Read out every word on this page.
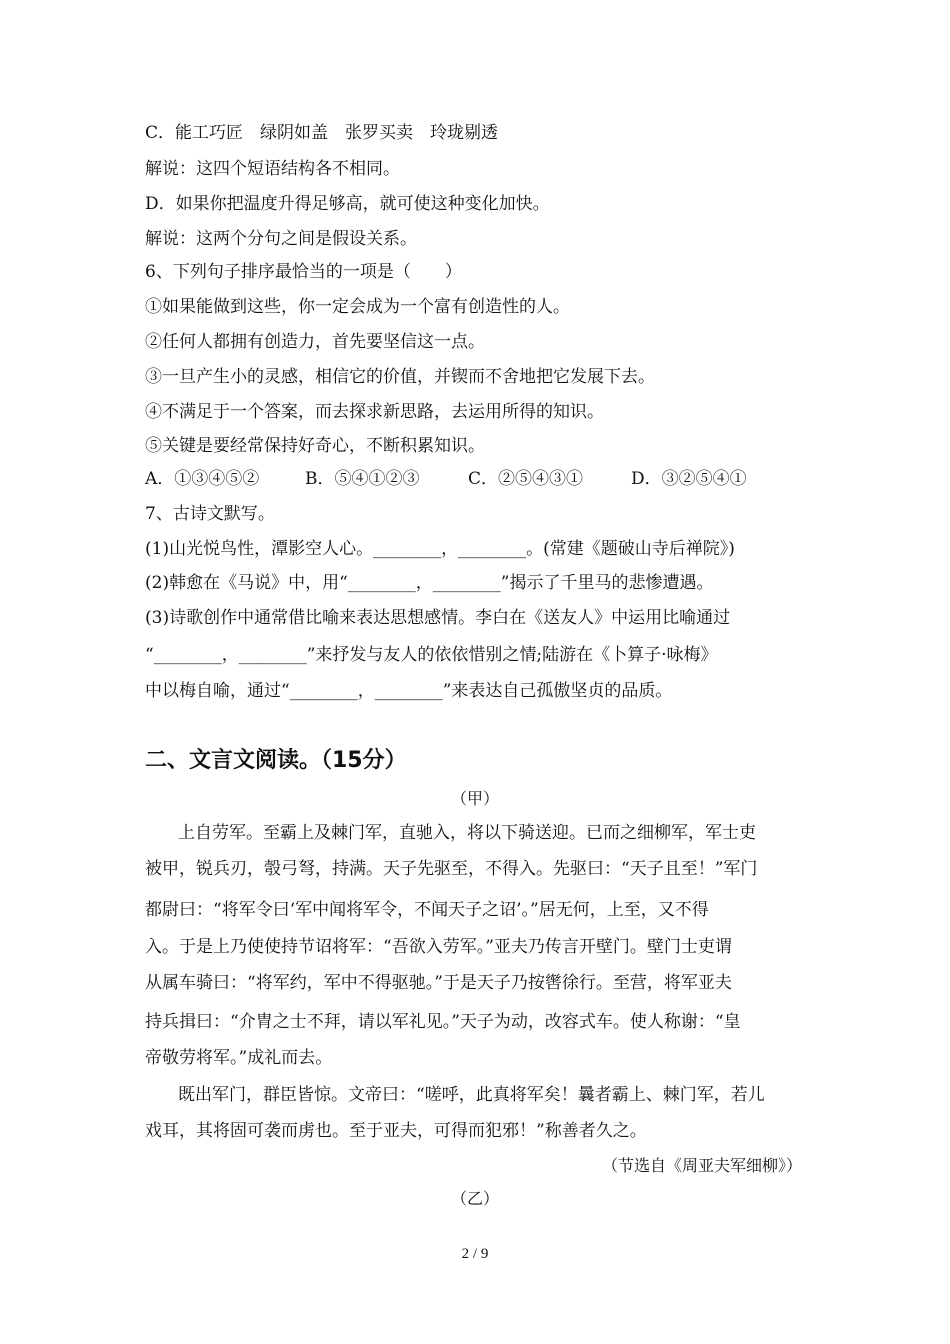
C．能工巧匠　绿阴如盖　张罗买卖　玲珑剔透
解说：这四个短语结构各不相同。
D．如果你把温度升得足够高，就可使这种变化加快。
解说：这两个分句之间是假设关系。
6、下列句子排序最恰当的一项是（　　）
①如果能做到这些，你一定会成为一个富有创造性的人。
②任何人都拥有创造力，首先要坚信这一点。
③一旦产生小的灵感，相信它的价值，并锲而不舍地把它发展下去。
④不满足于一个答案，而去探求新思路，去运用所得的知识。
⑤关键是要经常保持好奇心，不断积累知识。
A．①③④⑤②	B．⑤④①②③	C．②⑤④③①	D．③②⑤④①
7、古诗文默写。
(1)山光悦鸟性，潭影空人心。________，________。(常建《题破山寺后禅院》)
(2)韩愈在《马说》中，用“________，________”揭示了千里马的悲惨遭遇。
(3)诗歌创作中通常借比喻来表达思想感情。李白在《送友人》中运用比喻通过
“________，________”来抒发与友人的依依惜别之情;陆游在《卜算子·咏梅》
中以梅自喻，通过“________，________”来表达自己孤傲坚贞的品质。
二、文言文阅读。（15分）
（甲）
上自劳军。至霸上及棘门军，直驰入，将以下骑送迎。已而之细柳军，军士吏
被甲，锐兵刃，彀弓弩，持满。天子先驱至，不得入。先驱曰：“天子且至！”军门
都尉曰：“将军令曰‘军中闻将军令，不闻天子之诏’。”居无何，上至，又不得
入。于是上乃使使持节诏将军：“吾欲入劳军。”亚夫乃传言开壁门。壁门士吏谓
从属车骑曰：“将军约，军中不得驱驰。”于是天子乃按辔徐行。至营，将军亚夫
持兵揖曰：“介胄之士不拜，请以军礼见。”天子为动，改容式车。使人称谢：“皇
帝敬劳将军。”成礼而去。
既出军门，群臣皆惊。文帝曰：“嗟呼，此真将军矣！曩者霸上、棘门军，若儿
戏耳，其将固可袭而虏也。至于亚夫，可得而犯邪！”称善者久之。
（节选自《周亚夫军细柳》）
（乙）
2 / 9
